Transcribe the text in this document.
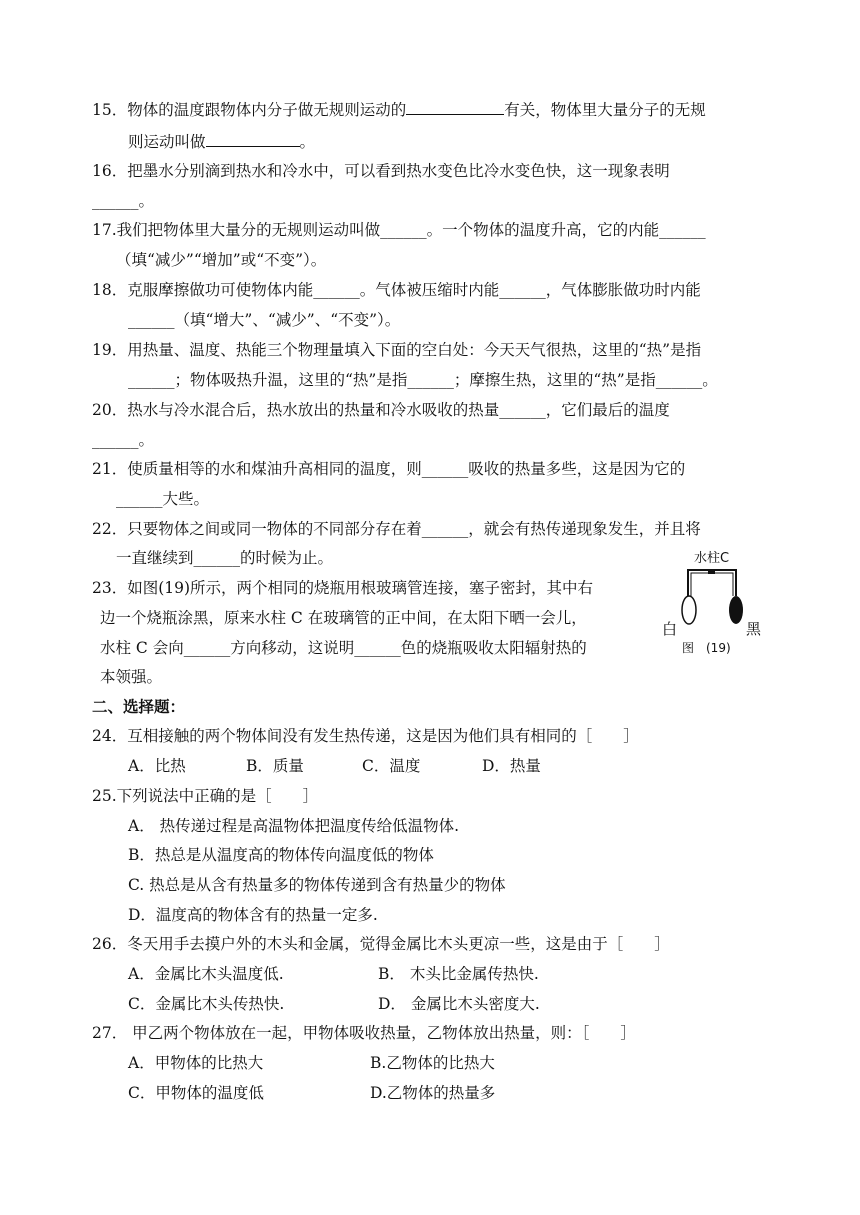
15．物体的温度跟物体内分子做无规则运动的	有关，物体里大量分子的无规
则运动叫做	。
16．把墨水分别滴到热水和冷水中，可以看到热水变色比冷水变色快，这一现象表明
______。
17.我们把物体里大量分的无规则运动叫做______。一个物体的温度升高，它的内能______
（填“减少”“增加”或“不变”）。
18．克服摩擦做功可使物体内能______。气体被压缩时内能______，气体膨胀做功时内能
______（填“增大”、“减少”、“不变”）。
19．用热量、温度、热能三个物理量填入下面的空白处：今天天气很热，这里的“热”是指
______；物体吸热升温，这里的“热”是指______；摩擦生热，这里的“热”是指______。
20．热水与冷水混合后，热水放出的热量和冷水吸收的热量______，它们最后的温度
______。
21．使质量相等的水和煤油升高相同的温度，则______吸收的热量多些，这是因为它的
______大些。
22．只要物体之间或同一物体的不同部分存在着______，就会有热传递现象发生，并且将
一直继续到______的时候为止。
23．如图(19)所示，两个相同的烧瓶用根玻璃管连接，塞子密封，其中右
边一个烧瓶涂黑，原来水柱 C 在玻璃管的正中间，在太阳下晒一会儿，
水柱 C 会向______方向移动，这说明______色的烧瓶吸收太阳辐射热的
本领强。
水柱C
白	黑
图　(19)
二、选择题：
24．互相接触的两个物体间没有发生热传递，这是因为他们具有相同的［　　］
A．比热	B．质量	C．温度	D．热量
25.下列说法中正确的是［　　］
A． 热传递过程是高温物体把温度传给低温物体.
B．热总是从温度高的物体传向温度低的物体
C. 热总是从含有热量多的物体传递到含有热量少的物体
D．温度高的物体含有的热量一定多.
26．冬天用手去摸户外的木头和金属，觉得金属比木头更凉一些，这是由于［　　］
A．金属比木头温度低.	B． 木头比金属传热快.
C．金属比木头传热快.	D． 金属比木头密度大.
27． 甲乙两个物体放在一起，甲物体吸收热量，乙物体放出热量，则：［　　］
A．甲物体的比热大	B.乙物体的比热大
C．甲物体的温度低	D.乙物体的热量多
